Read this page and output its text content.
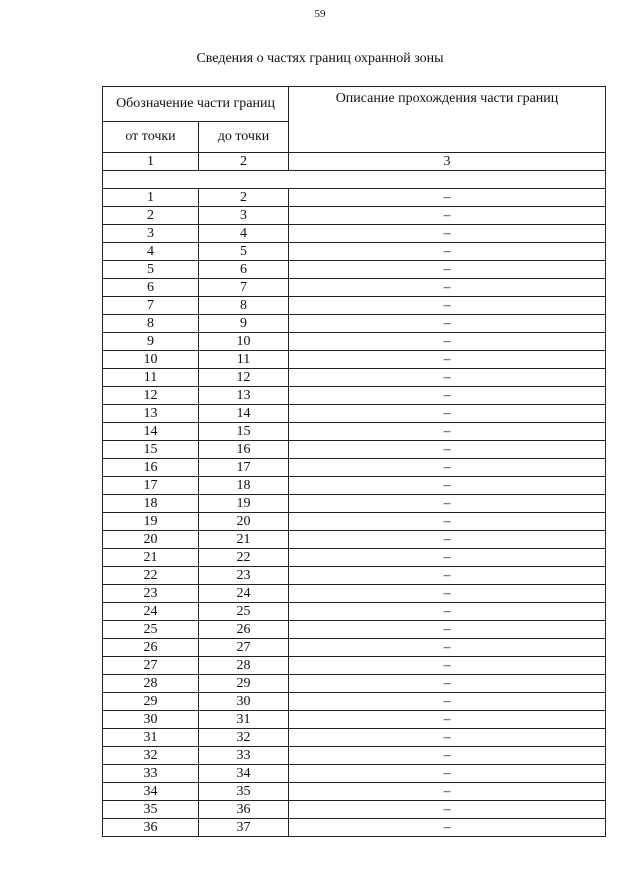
59
Сведения о частях границ охранной зоны
Обозначение части границ		Описание прохождения части границ
от точки	до точки	
1	2	3

1	2	–
2	3	–
3	4	–
4	5	–
5	6	–
6	7	–
7	8	–
8	9	–
9	10	–
10	11	–
11	12	–
12	13	–
13	14	–
14	15	–
15	16	–
16	17	–
17	18	–
18	19	–
19	20	–
20	21	–
21	22	–
22	23	–
23	24	–
24	25	–
25	26	–
26	27	–
27	28	–
28	29	–
29	30	–
30	31	–
31	32	–
32	33	–
33	34	–
34	35	–
35	36	–
36	37	–
